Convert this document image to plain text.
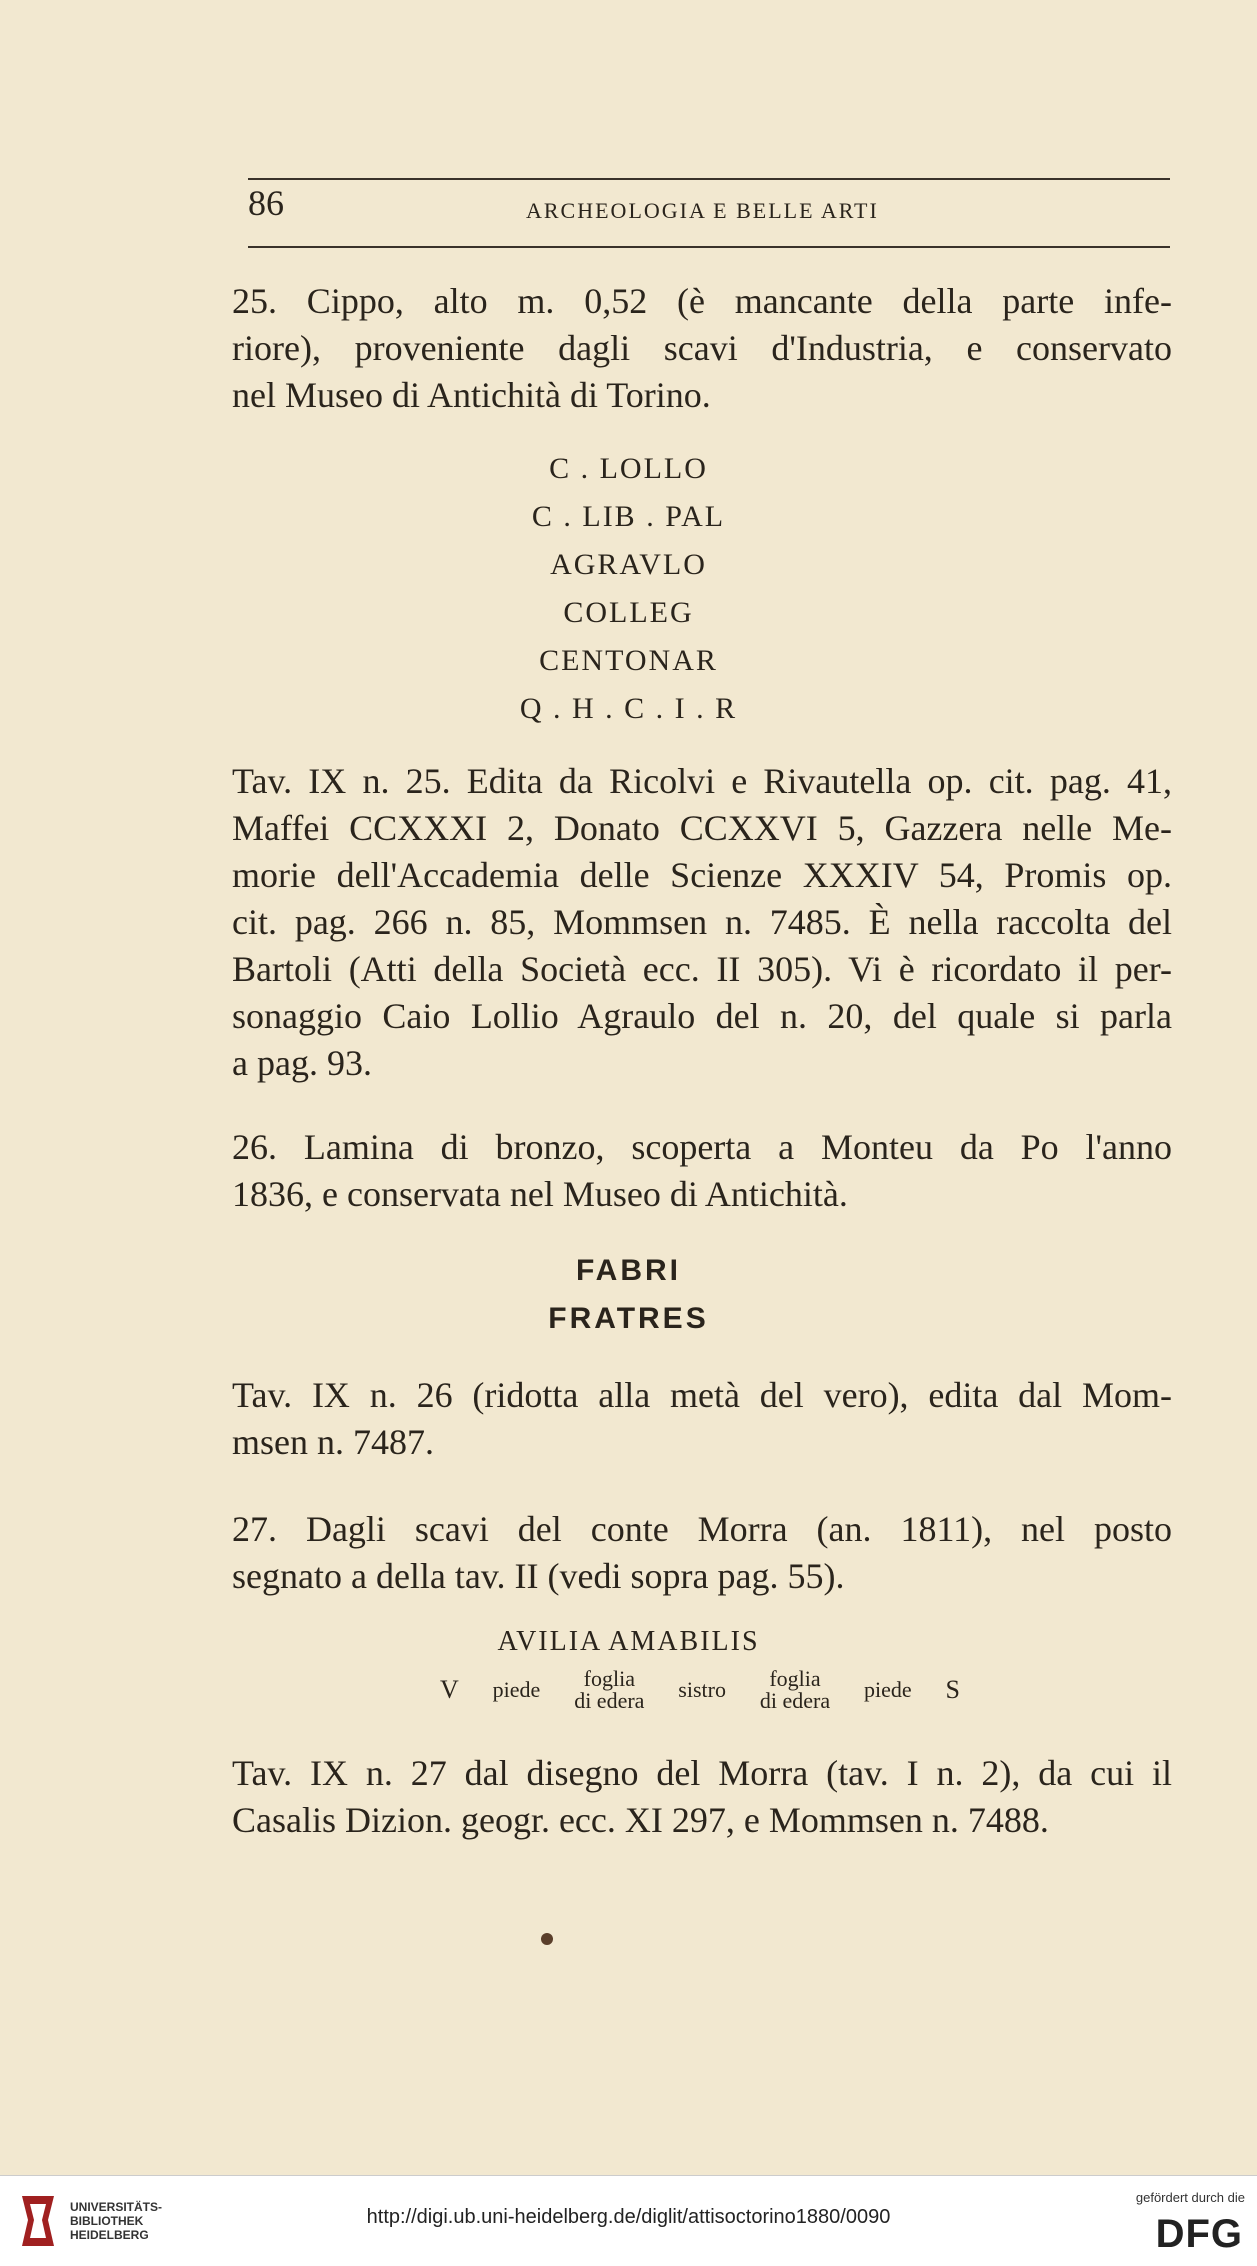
86	ARCHEOLOGIA E BELLE ARTI
25. Cippo, alto m. 0,52 (è mancante della parte infe-
riore), proveniente dagli scavi d'Industria, e conservato
nel Museo di Antichità di Torino.
C . LOLLO
C . LIB . PAL
AGRAVLO
COLLEG
CENTONAR
Q . H . C . I . R
Tav. IX n. 25. Edita da Ricolvi e Rivautella op. cit. pag. 41,
Maffei CCXXXI 2, Donato CCXXVI 5, Gazzera nelle Me-
morie dell'Accademia delle Scienze XXXIV 54, Promis op.
cit. pag. 266 n. 85, Mommsen n. 7485. È nella raccolta del
Bartoli (Atti della Società ecc. II 305). Vi è ricordato il per-
sonaggio Caio Lollio Agraulo del n. 20, del quale si parla
a pag. 93.
26. Lamina di bronzo, scoperta a Monteu da Po l'anno
1836, e conservata nel Museo di Antichità.
FABRI
FRATRES
Tav. IX n. 26 (ridotta alla metà del vero), edita dal Mom-
msen n. 7487.
27. Dagli scavi del conte Morra (an. 1811), nel posto
segnato a della tav. II (vedi sopra pag. 55).
AVILIA AMABILIS
V piede foglia
di edera sistro foglia
di edera piede S
Tav. IX n. 27 dal disegno del Morra (tav. I n. 2), da cui il
Casalis Dizion. geogr. ecc. XI 297, e Mommsen n. 7488.
UNIVERSITÄTS-
BIBLIOTHEK
HEIDELBERG
http://digi.ub.uni-heidelberg.de/diglit/attisoctorino1880/0090
gefördert durch die
DFG
